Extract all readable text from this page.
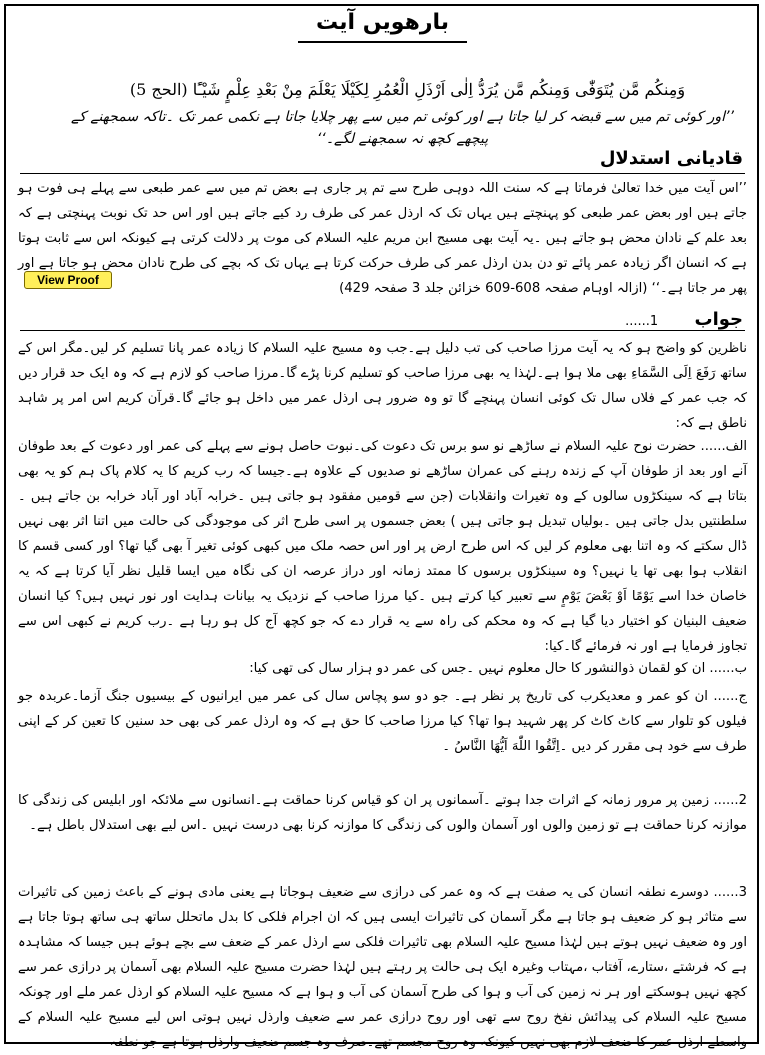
بارھویں آیت
وَمِنكُم مَّن يُتَوَفّٰى وَمِنكُم مَّن يُرَدُّ اِلٰى اَرْذَلِ الْعُمُرِ لِكَيْلَا يَعْلَمَ مِنْ بَعْدِ عِلْمٍ شَيْـًٔا (الحج 5)
’’اور کوئی تم میں سے قبضہ کر لیا جاتا ہے اور کوئی تم میں سے پھر چلایا جاتا ہے نکمی عمر تک ۔تاکہ سمجھنے کے پیچھے کچھ نہ سمجھنے لگے۔‘‘
قادیانی استدلال
’’اس آیت میں خدا تعالیٰ فرماتا ہے کہ سنت اللہ دوہی طرح سے تم پر جاری ہے بعض تم میں سے عمر طبعی سے پہلے ہی فوت ہو جاتے ہیں اور بعض عمر طبعی کو پہنچتے ہیں یہاں تک کہ ارذل عمر کی طرف رد کیے جاتے ہیں اور اس حد تک نوبت پہنچتی ہے کہ بعد علم کے نادان محض ہو جاتے ہیں ۔یہ آیت بھی مسیح ابن مریم علیہ السلام کی موت پر دلالت کرتی ہے کیونکہ اس سے ثابت ہوتا ہے کہ انسان اگر زیادہ عمر پائے تو دن بدن ارذل عمر کی طرف حرکت کرتا ہے یہاں تک کہ بچے کی طرح نادان محض ہو جاتا ہے اور پھر مر جاتا ہے۔‘‘ (ازالہ اوہام صفحہ 608-609 خزائن جلد 3 صفحہ 429)
View Proof
جواب 1......
ناظرین کو واضح ہو کہ یہ آیت مرزا صاحب کی تب دلیل ہے۔جب وہ مسیح علیہ السلام کا زیادہ عمر پانا تسلیم کر لیں۔مگر اس کے ساتھ رَفَعَ اِلَى السَّمَاءِ بھی ملا ہوا ہے۔لہٰذا یہ بھی مرزا صاحب کو تسلیم کرنا پڑے گا۔مرزا صاحب کو لازم ہے کہ وہ ایک حد قرار دیں کہ جب عمر کے فلاں سال تک کوئی انسان پہنچے گا تو وہ ضرور ہی ارذل عمر میں داخل ہو جائے گا۔قرآن کریم اس امر پر شاہد ناطق ہے کہ:
الف...... حضرت نوح علیہ السلام نے ساڑھے نو سو برس تک دعوت کی۔نبوت حاصل ہونے سے پہلے کی عمر اور دعوت کے بعد طوفان آنے اور بعد از طوفان آپ کے زندہ رہنے کی عمران ساڑھے نو صدیوں کے علاوہ ہے۔جیسا کہ رب کریم کا یہ کلام پاک ہم کو یہ بھی بتاتا ہے کہ سینکڑوں سالوں کے وہ تغیرات وانقلابات (جن سے قومیں مفقود ہو جاتی ہیں ۔خرابہ آباد اور آباد خرابہ بن جاتے ہیں ۔سلطنتیں بدل جاتی ہیں ۔بولیاں تبدیل ہو جاتی ہیں ) بعض جسموں پر اسی طرح اثر کی موجودگی کی حالت میں اتنا اثر بھی نہیں ڈال سکتے کہ وہ اتنا بھی معلوم کر لیں کہ اس طرح ارض پر اور اس حصہ ملک میں کبھی کوئی تغیر آ بھی گیا تھا؟ اور کسی قسم کا انقلاب ہوا بھی تھا یا نہیں؟ وہ سینکڑوں برسوں کا ممتد زمانہ اور دراز عرصہ ان کی نگاہ میں ایسا قلیل نظر آیا کرتا ہے کہ یہ خاصان خدا اسے يَوْمًا اَوْ بَعْضَ يَوْمٍ سے تعبیر کیا کرتے ہیں ۔کیا مرزا صاحب کے نزدیک یہ بیانات ہدایت اور نور نہیں ہیں؟ کیا انسان ضعیف البنیان کو اختیار دیا گیا ہے کہ وہ محکم کی راہ سے یہ قرار دے کہ جو کچھ آج کل ہو رہا ہے ۔رب کریم نے کبھی اس سے تجاوز فرمایا ہے اور نہ فرمائے گا۔کیا:
ب...... ان کو لقمان ذوالنشور کا حال معلوم نہیں ۔جس کی عمر دو ہزار سال کی تھی کیا:
ج...... ان کو عمر و معدیکرب کی تاریخ پر نظر ہے۔ جو دو سو پچاس سال کی عمر میں ایرانیوں کے بیسیوں جنگ آزما۔عربدہ جو فیلوں کو تلوار سے کاٹ کاٹ کر پھر شہید ہوا تھا؟ کیا مرزا صاحب کا حق ہے کہ وہ ارذل عمر کی بھی حد سنین کا تعین کر کے اپنی طرف سے خود ہی مقرر کر دیں ۔اِتَّقُوا اللّٰهَ اَيُّهَا النَّاسُ ۔
2...... زمین پر مرور زمانہ کے اثرات جدا ہوتے ۔آسمانوں پر ان کو قیاس کرنا حماقت ہے۔انسانوں سے ملائکہ اور ابلیس کی زندگی کا موازنہ کرنا حماقت ہے تو زمین والوں اور آسمان والوں کی زندگی کا موازنہ کرنا بھی درست نہیں ۔اس لیے بھی استدلال باطل ہے۔
3...... دوسرے نطفہ انسان کی یہ صفت ہے کہ وہ عمر کی درازی سے ضعیف ہوجاتا ہے یعنی مادی ہونے کے باعث زمین کی تاثیرات سے متاثر ہو کر ضعیف ہو جاتا ہے مگر آسمان کی تاثیرات ایسی ہیں کہ ان اجرام فلکی کا بدل ماتحلل ساتھ ہی ساتھ ہوتا جاتا ہے اور وہ ضعیف نہیں ہوتے ہیں لہٰذا مسیح علیہ السلام بھی تاثیرات فلکی سے ارذل عمر کے ضعف سے بچے ہوئے ہیں جیسا کہ مشاہدہ ہے کہ فرشتے ،ستارے، آفتاب ،مہتاب وغیرہ ایک ہی حالت پر رہتے ہیں لہٰذا حضرت مسیح علیہ السلام بھی آسمان پر درازی عمر سے کچھ نہیں ہوسکتے اور ہر نہ زمین کی آب و ہوا کی طرح آسمان کی آب و ہوا ہے کہ مسیح علیہ السلام کو ارذل عمر ملے اور چونکہ مسیح علیہ السلام کی پیدائش نفخ روح سے تھی اور روح درازی عمر سے ضعیف وارذل نہیں ہوتی اس لیے مسیح علیہ السلام کے واسطے ارذل عمر کا ضعف لازم بھی نہیں کیونکہ وہ روح مجسم تھے۔صرف وہ جسم ضعیف وارذل ہوتا ہے جو نطفہ
